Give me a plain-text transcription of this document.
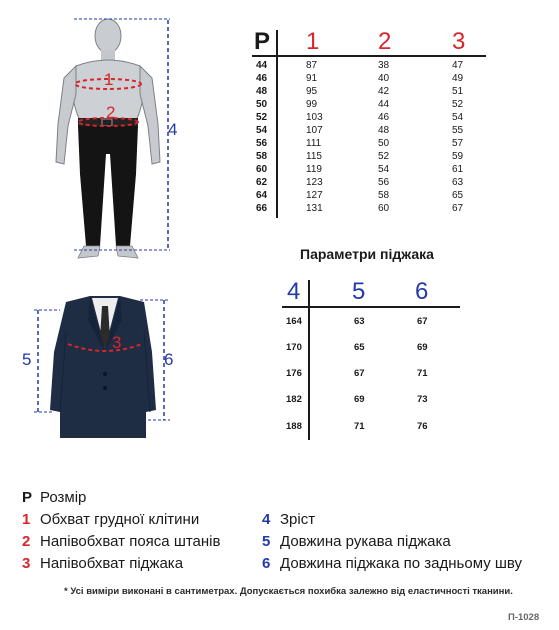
1
2
4
3
5	6
Р 1 2	3
44	87	38	47
46	91	40	49
48	95	42	51
50	99	44	52
52	103	46	54
54	107	48	55
56	111	50	57
58	115	52	59
60	119	54	61
62	123	56	63
64	127	58	65
66	131	60	67
Параметри піджака
4 5 6
164	63	67
170	65	69
176	67	71
182	69	73
188	71	76
Р Розмір
1 Обхват грудної клітини
2 Напівобхват пояса штанів
3 Напівобхват піджака
4 Зріст
5 Довжина рукава піджака
6 Довжина піджака по задньому шву
* Усі виміри виконані в сантиметрах. Допускається похибка залежно від еластичності тканини.
П-1028
